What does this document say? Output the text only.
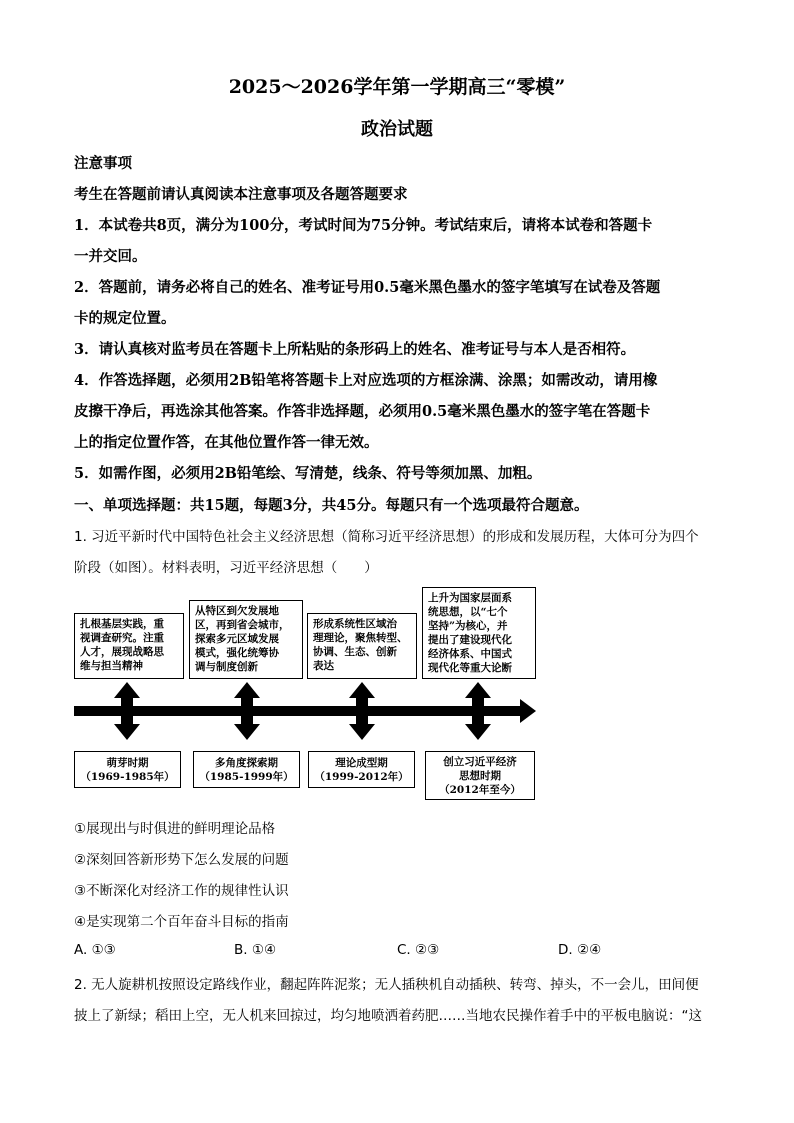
2025～2026学年第一学期高三“零模”
政治试题
注意事项
考生在答题前请认真阅读本注意事项及各题答题要求
1．本试卷共8页，满分为100分，考试时间为75分钟。考试结束后，请将本试卷和答题卡
一并交回。
2．答题前，请务必将自己的姓名、准考证号用0.5毫米黑色墨水的签字笔填写在试卷及答题
卡的规定位置。
3．请认真核对监考员在答题卡上所粘贴的条形码上的姓名、准考证号与本人是否相符。
4．作答选择题，必须用2B铅笔将答题卡上对应选项的方框涂满、涂黑；如需改动，请用橡
皮擦干净后，再选涂其他答案。作答非选择题，必须用0.5毫米黑色墨水的签字笔在答题卡
上的指定位置作答，在其他位置作答一律无效。
5．如需作图，必须用2B铅笔绘、写清楚，线条、符号等须加黑、加粗。
一、单项选择题：共15题，每题3分，共45分。每题只有一个选项最符合题意。
1. 习近平新时代中国特色社会主义经济思想（简称习近平经济思想）的形成和发展历程，大体可分为四个
阶段（如图）。材料表明，习近平经济思想（　　）
扎根基层实践，重
视调查研究。注重
人才，展现战略思
维与担当精神
从特区到欠发展地
区，再到省会城市，
探索多元区域发展
模式，强化统筹协
调与制度创新
形成系统性区域治
理理论，聚焦转型、
协调、生态、创新
表达
上升为国家层面系
统思想，以“七个
坚持”为核心，并
提出了建设现代化
经济体系、中国式
现代化等重大论断
萌芽时期
（1969-1985年）
多角度探索期
（1985-1999年）
理论成型期
（1999-2012年）
创立习近平经济
思想时期
（2012年至今）
①展现出与时俱进的鲜明理论品格
②深刻回答新形势下怎么发展的问题
③不断深化对经济工作的规律性认识
④是实现第二个百年奋斗目标的指南
A. ①③	B. ①④	C. ②③	D. ②④
2. 无人旋耕机按照设定路线作业，翻起阵阵泥浆；无人插秧机自动插秧、转弯、掉头，不一会儿，田间便
披上了新绿；稻田上空，无人机来回掠过，均匀地喷洒着药肥……当地农民操作着手中的平板电脑说：“这
